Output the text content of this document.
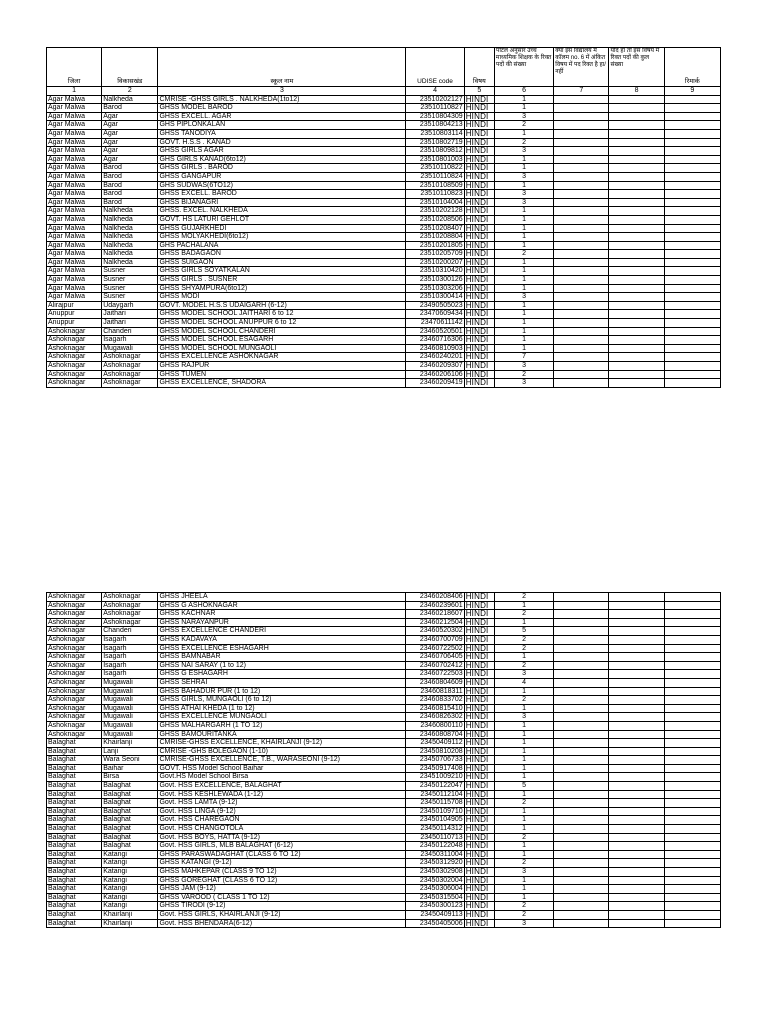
जिला	विकासखंड	स्कूल नाम	UDISE code	विषय	पोर्टल अनुसार उच्च माध्यमिक शिक्षक के रिक्त पदों की संख्या	क्या इस विद्यालय में कॉलम no. 6 में अंकित विषय में पद रिक्त है हा/नहीं	यदि हा तो इस विषय में रिक्त पदों की कुल संख्या	रिमार्क
1	2	3	4	5	6	7	8	9
Agar Malwa	Nalkheda	CMRISE -GHSS GIRLS . NALKHEDA(1to12)	23510202127	HINDI	1			
Agar Malwa	Barod	GHSS MODEL BAROD	23510110827	HINDI	1			
Agar Malwa	Agar	GHSS EXCELL. AGAR	23510804309	HINDI	3			
Agar Malwa	Agar	GHS PIPLONKALAN	23510804213	HINDI	2			
Agar Malwa	Agar	GHSS TANODIYA	23510803114	HINDI	1			
Agar Malwa	Agar	GOVT. H.S.S . KANAD	23510802719	HINDI	2			
Agar Malwa	Agar	GHSS GIRLS AGAR	23510809812	HINDI	3			
Agar Malwa	Agar	GHS GIRLS KANAD(6to12)	23510801003	HINDI	1			
Agar Malwa	Barod	GHSS GIRLS . BAROD	23510110822	HINDI	1			
Agar Malwa	Barod	GHSS GANGAPUR	23510110824	HINDI	3			
Agar Malwa	Barod	GHS SUDWAS(6TO12)	23510108509	HINDI	1			
Agar Malwa	Barod	GHSS EXCELL. BAROD	23510110823	HINDI	3			
Agar Malwa	Barod	GHSS BIJANAGRI	23510104004	HINDI	3			
Agar Malwa	Nalkheda	GHSS. EXCEL. NALKHEDA	23510202128	HINDI	1			
Agar Malwa	Nalkheda	GOVT. HS LATURI GEHLOT	23510208506	HINDI	1			
Agar Malwa	Nalkheda	GHSS GUJARKHEDI	23510208407	HINDI	1			
Agar Malwa	Nalkheda	GHSS MOLYAKHEDI(6to12)	23510208804	HINDI	1			
Agar Malwa	Nalkheda	GHS PACHALANA	23510201805	HINDI	1			
Agar Malwa	Nalkheda	GHSS BADAGAON	23510205709	HINDI	2			
Agar Malwa	Nalkheda	GHSS SUIGAON	23510200207	HINDI	1			
Agar Malwa	Susner	GHSS GIRLS SOYATKALAN	23510310420	HINDI	1			
Agar Malwa	Susner	GHSS GIRLS . SUSNER	23510300126	HINDI	1			
Agar Malwa	Susner	GHSS SHYAMPURA(6to12)	23510303206	HINDI	1			
Agar Malwa	Susner	GHSS MODI	23510300414	HINDI	3			
Alirajpur	Udaygarh	GOVT. MODEL H.S.S UDAIGARH (6-12)	23490505023	HINDI	1			
Anuppur	Jaithari	GHSS MODEL SCHOOL JAITHARI 6 to 12	23470609434	HINDI	1			
Anuppur	Jaithari	GHSS MODEL SCHOOL ANUPPUR 6 to 12	23470611142	HINDI	1			
Ashoknagar	Chanderi	GHSS MODEL SCHOOL CHANDERI	23460520501	HINDI	1			
Ashoknagar	Isagarh	GHSS MODEL SCHOOL ESAGARH	23460716306	HINDI	1			
Ashoknagar	Mugawali	GHSS MODEL SCHOOL MUNGAOLI	23460810903	HINDI	1			
Ashoknagar	Ashoknagar	GHSS EXCELLENCE ASHOKNAGAR	23460240201	HINDI	7			
Ashoknagar	Ashoknagar	GHSS RAJPUR	23460209307	HINDI	3			
Ashoknagar	Ashoknagar	GHSS TUMEN	23460206106	HINDI	2			
Ashoknagar	Ashoknagar	GHSS EXCELLENCE, SHADORA	23460209419	HINDI	3			
Ashoknagar	Ashoknagar	GHSS JHEELA	23460208406	HINDI	2			
Ashoknagar	Ashoknagar	GHSS G ASHOKNAGAR	23460239601	HINDI	1			
Ashoknagar	Ashoknagar	GHSS KACHNAR	23460218607	HINDI	2			
Ashoknagar	Ashoknagar	GHSS NARAYANPUR	23460212504	HINDI	1			
Ashoknagar	Chanderi	GHSS EXCELLENCE CHANDERI	23460520302	HINDI	5			
Ashoknagar	Isagarh	GHSS KADAVAYA	23460700709	HINDI	2			
Ashoknagar	Isagarh	GHSS EXCELLENCE ESHAGARH	23460722502	HINDI	2			
Ashoknagar	Isagarh	GHSS BAMNABAR	23460706405	HINDI	1			
Ashoknagar	Isagarh	GHSS NAI SARAY (1 to 12)	23460702412	HINDI	2			
Ashoknagar	Isagarh	GHSS G ESHAGARH	23460722503	HINDI	3			
Ashoknagar	Mugawali	GHSS SEHRAI	23460804609	HINDI	4			
Ashoknagar	Mugawali	GHSS BAHADUR PUR (1 to 12)	23460818311	HINDI	1			
Ashoknagar	Mugawali	GHSS GIRLS, MUNGAOLI (6 to 12)	23460833702	HINDI	2			
Ashoknagar	Mugawali	GHSS ATHAI KHEDA (1 to 12)	23460815410	HINDI	1			
Ashoknagar	Mugawali	GHSS EXCELLENCE MUNGAOLI	23460826302	HINDI	3			
Ashoknagar	Mugawali	GHSS MALHARGARH (1 TO 12)	23460800110	HINDI	1			
Ashoknagar	Mugawali	GHSS BAMOURITANKA	23460808704	HINDI	1			
Balaghat	Khairlanji	CMRISE-GHSS EXCELLENCE, KHAIRLANJI (9-12)	23450409112	HINDI	1			
Balaghat	Lanji	CMRISE -GHS BOLEGAON (1-10)	23450810208	HINDI	1			
Balaghat	Wara Seoni	CMRISE-GHSS EXCELLENCE, T.B., WARASEONI (9-12)	23450706733	HINDI	1			
Balaghat	Baihar	GOVT. HSS Model School Baihar	23450917408	HINDI	1			
Balaghat	Birsa	Govt.HS Model School Birsa	23451009210	HINDI	1			
Balaghat	Balaghat	Govt. HSS EXCELLENCE, BALAGHAT	23450122047	HINDI	5			
Balaghat	Balaghat	Govt. HSS KESHLEWADA (1-12)	23450112104	HINDI	1			
Balaghat	Balaghat	Govt. HSS LAMTA (9-12)	23450115708	HINDI	2			
Balaghat	Balaghat	Govt. HSS LINGA (9-12)	23450109710	HINDI	1			
Balaghat	Balaghat	Govt. HSS CHAREGAON	23450104905	HINDI	1			
Balaghat	Balaghat	Govt. HSS CHANGOTOLA	23450114312	HINDI	1			
Balaghat	Balaghat	Govt. HSS BOYS, HATTA (9-12)	23450110713	HINDI	2			
Balaghat	Balaghat	Govt. HSS GIRLS, MLB BALAGHAT (6-12)	23450122048	HINDI	1			
Balaghat	Katangi	GHSS PARASWADAGHAT (CLASS 6 TO 12)	23450311004	HINDI	1			
Balaghat	Katangi	GHSS KATANGI (9-12)	23450312920	HINDI	2			
Balaghat	Katangi	GHSS MAHKEPAR (CLASS 9 TO 12)	23450302908	HINDI	3			
Balaghat	Katangi	GHSS GOREGHAT (CLASS 6 TO 12)	23450302004	HINDI	1			
Balaghat	Katangi	GHSS JAM (9-12)	23450306004	HINDI	1			
Balaghat	Katangi	GHSS VAROOD ( CLASS 1 TO 12)	23450315504	HINDI	1			
Balaghat	Katangi	GHSS TIRODI (9-12)	23450300123	HINDI	2			
Balaghat	Khairlanji	Govt. HSS GIRLS, KHAIRLANJI (9-12)	23450409113	HINDI	2			
Balaghat	Khairlanji	Govt. HSS BHENDARA(6-12)	23450405006	HINDI	3			
